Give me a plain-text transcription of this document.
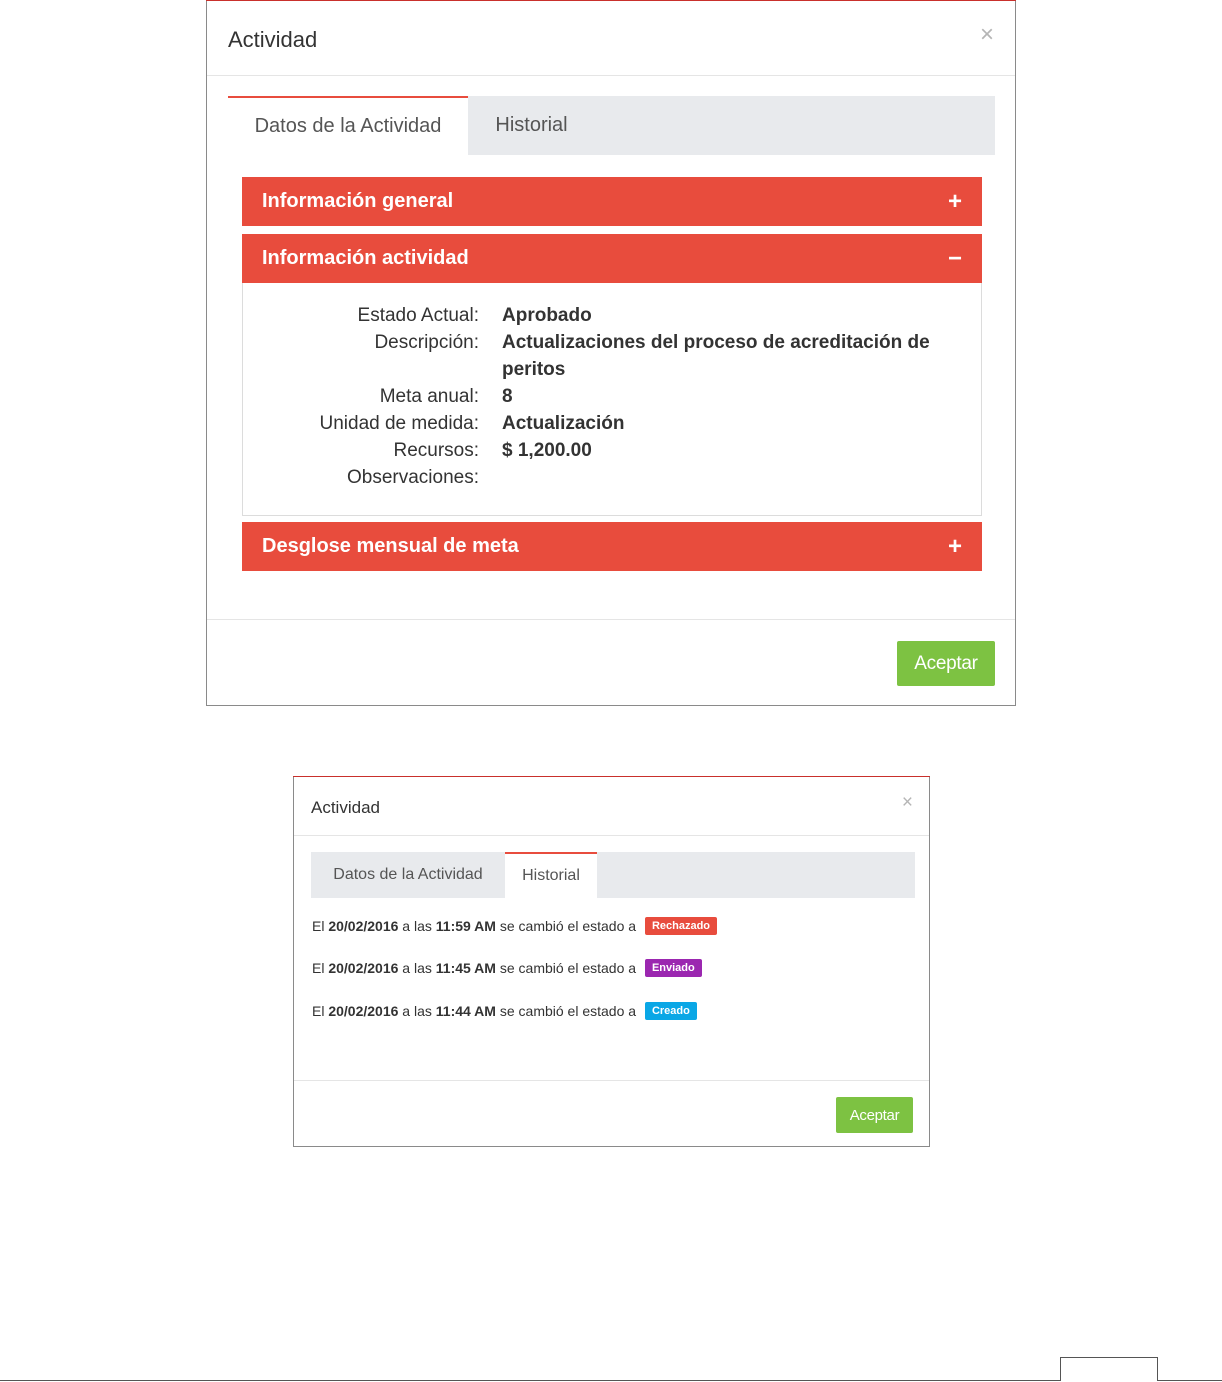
Actividad	×
Datos de la Actividad	Historial
Información general	+
Información actividad	−
Estado Actual: Aprobado
Descripción: Actualizaciones del proceso de acreditación de
peritos
Meta anual: 8
Unidad de medida: Actualización
Recursos: $ 1,200.00
Observaciones:
Desglose mensual de meta	+
Aceptar
Actividad	×
Datos de la Actividad Historial
El 20/02/2016 a las 11:59 AM se cambió el estado a	Rechazado
El 20/02/2016 a las 11:45 AM se cambió el estado a	Enviado
El 20/02/2016 a las 11:44 AM se cambió el estado a	Creado
Aceptar
